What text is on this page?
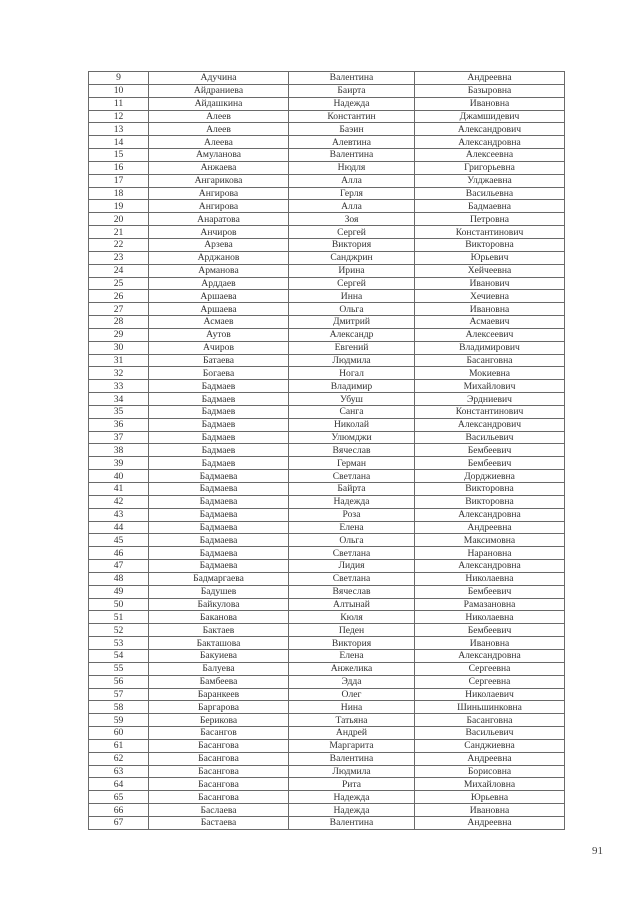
9	Адучина	Валентина	Андреевна
10	Айдраниева	Баирта	Базыровна
11	Айдашкина	Надежда	Ивановна
12	Алеев	Константин	Джамшидевич
13	Алеев	Баэин	Александрович
14	Алеева	Алевтина	Александровна
15	Амуланова	Валентина	Алексеевна
16	Анжаева	Нюдля	Григорьевна
17	Ангарикова	Алла	Улджаевна
18	Ангирова	Герля	Васильевна
19	Ангирова	Алла	Бадмаевна
20	Анаратова	Зоя	Петровна
21	Анчиров	Сергей	Константинович
22	Арзева	Виктория	Викторовна
23	Арджанов	Санджрин	Юрьевич
24	Арманова	Ирина	Хейчеевна
25	Арддаев	Сергей	Иванович
26	Аршаева	Инна	Хечиевна
27	Аршаева	Ольга	Ивановна
28	Асмаев	Дмитрий	Асмаевич
29	Аутов	Александр	Алексеевич
30	Ачиров	Евгений	Владимирович
31	Батаева	Людмила	Басанговна
32	Богаева	Ногал	Мокиевна
33	Бадмаев	Владимир	Михайлович
34	Бадмаев	Убуш	Эрдниевич
35	Бадмаев	Санга	Константинович
36	Бадмаев	Николай	Александрович
37	Бадмаев	Улюмджи	Васильевич
38	Бадмаев	Вячеслав	Бембеевич
39	Бадмаев	Герман	Бембеевич
40	Бадмаева	Светлана	Дорджиевна
41	Бадмаева	Байрта	Викторовна
42	Бадмаева	Надежда	Викторовна
43	Бадмаева	Роза	Александровна
44	Бадмаева	Елена	Андреевна
45	Бадмаева	Ольга	Максимовна
46	Бадмаева	Светлана	Нарановна
47	Бадмаева	Лидия	Александровна
48	Бадмаргаева	Светлана	Николаевна
49	Бадушев	Вячеслав	Бембеевич
50	Байкулова	Алтынай	Рамазановна
51	Баканова	Кюля	Николаевна
52	Бактаев	Педен	Бембеевич
53	Бакташова	Виктория	Ивановна
54	Бакуиева	Елена	Александровна
55	Балуева	Анжелика	Сергеевна
56	Бамбеева	Эдда	Сергеевна
57	Баранкеев	Олег	Николаевич
58	Баргарова	Нина	Шиньшинковна
59	Берикова	Татьяна	Басанговна
60	Басангов	Андрей	Васильевич
61	Басангова	Маргарита	Санджиевна
62	Басангова	Валентина	Андреевна
63	Басангова	Людмила	Борисовна
64	Басангова	Рита	Михайловна
65	Басангова	Надежда	Юрьевна
66	Баслаева	Надежда	Ивановна
67	Бастаева	Валентина	Андреевна
91
